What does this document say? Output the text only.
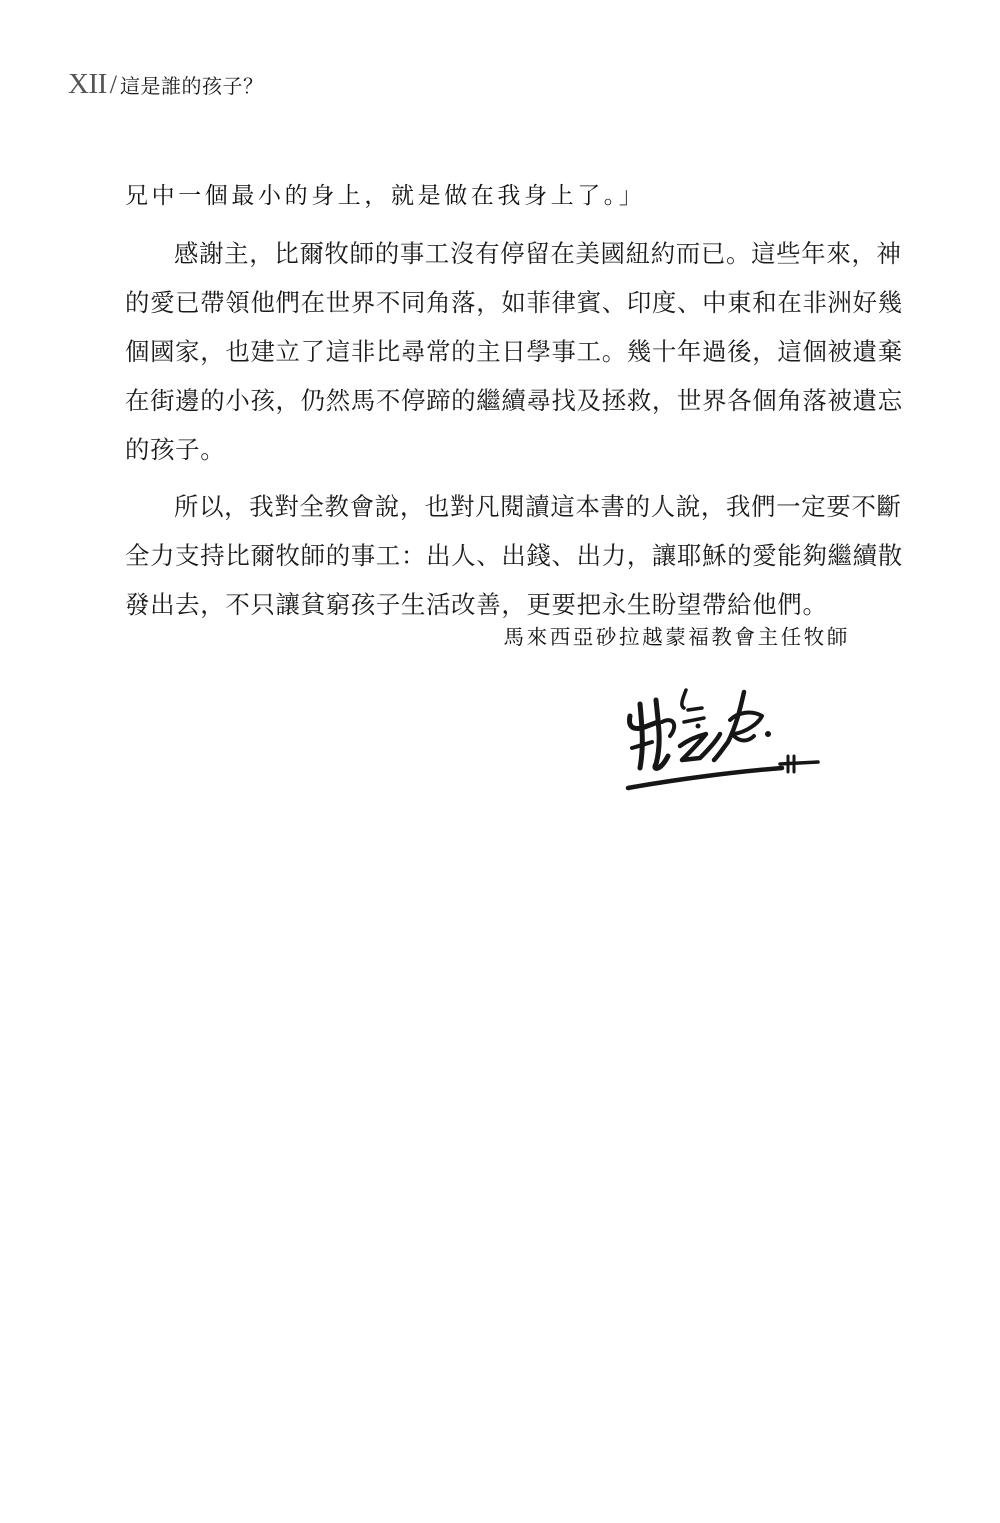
XII / 這是誰的孩子？
兄中一個最小的身上，就是做在我身上了。」
感謝主，比爾牧師的事工沒有停留在美國紐約而已。這些年來，神
的愛已帶領他們在世界不同角落，如菲律賓、印度、中東和在非洲好幾
個國家，也建立了這非比尋常的主日學事工。幾十年過後，這個被遺棄
在街邊的小孩，仍然馬不停蹄的繼續尋找及拯救，世界各個角落被遺忘
的孩子。
所以，我對全教會說，也對凡閱讀這本書的人說，我們一定要不斷
全力支持比爾牧師的事工：出人、出錢、出力，讓耶穌的愛能夠繼續散
發出去，不只讓貧窮孩子生活改善，更要把永生盼望帶給他們。
馬來西亞砂拉越蒙福教會主任牧師
